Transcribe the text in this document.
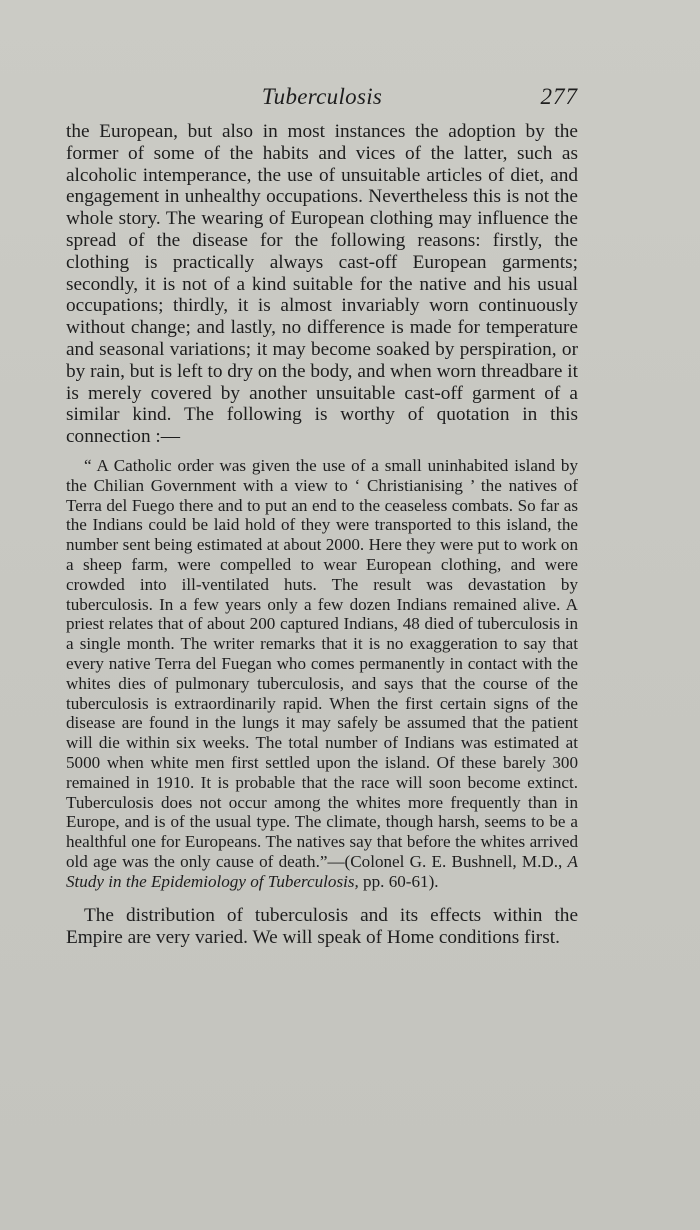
Tuberculosis	277

the European, but also in most instances the adoption by the former of some of the habits and vices of the latter, such as alcoholic intemperance, the use of unsuitable articles of diet, and engagement in unhealthy occupations. Nevertheless this is not the whole story. The wearing of European clothing may influence the spread of the disease for the following reasons: firstly, the clothing is practically always cast-off European garments; secondly, it is not of a kind suitable for the native and his usual occupations; thirdly, it is almost invariably worn continuously without change; and lastly, no difference is made for temperature and seasonal variations; it may become soaked by perspiration, or by rain, but is left to dry on the body, and when worn threadbare it is merely covered by another unsuitable cast-off garment of a similar kind. The following is worthy of quotation in this connection :—

“ A Catholic order was given the use of a small uninhabited island by the Chilian Government with a view to ‘ Christianising ’ the natives of Terra del Fuego there and to put an end to the ceaseless combats. So far as the Indians could be laid hold of they were transported to this island, the number sent being estimated at about 2000. Here they were put to work on a sheep farm, were compelled to wear European clothing, and were crowded into ill-ventilated huts. The result was devastation by tuberculosis. In a few years only a few dozen Indians remained alive. A priest relates that of about 200 captured Indians, 48 died of tuberculosis in a single month. The writer remarks that it is no exaggeration to say that every native Terra del Fuegan who comes permanently in contact with the whites dies of pulmonary tuberculosis, and says that the course of the tuberculosis is extraordinarily rapid. When the first certain signs of the disease are found in the lungs it may safely be assumed that the patient will die within six weeks. The total number of Indians was estimated at 5000 when white men first settled upon the island. Of these barely 300 remained in 1910. It is probable that the race will soon become extinct. Tuberculosis does not occur among the whites more frequently than in Europe, and is of the usual type. The climate, though harsh, seems to be a healthful one for Europeans. The natives say that before the whites arrived old age was the only cause of death.”—(Colonel G. E. Bushnell, M.D., A Study in the Epidemiology of Tuberculosis, pp. 60-61).

The distribution of tuberculosis and its effects within the Empire are very varied. We will speak of Home conditions first.
